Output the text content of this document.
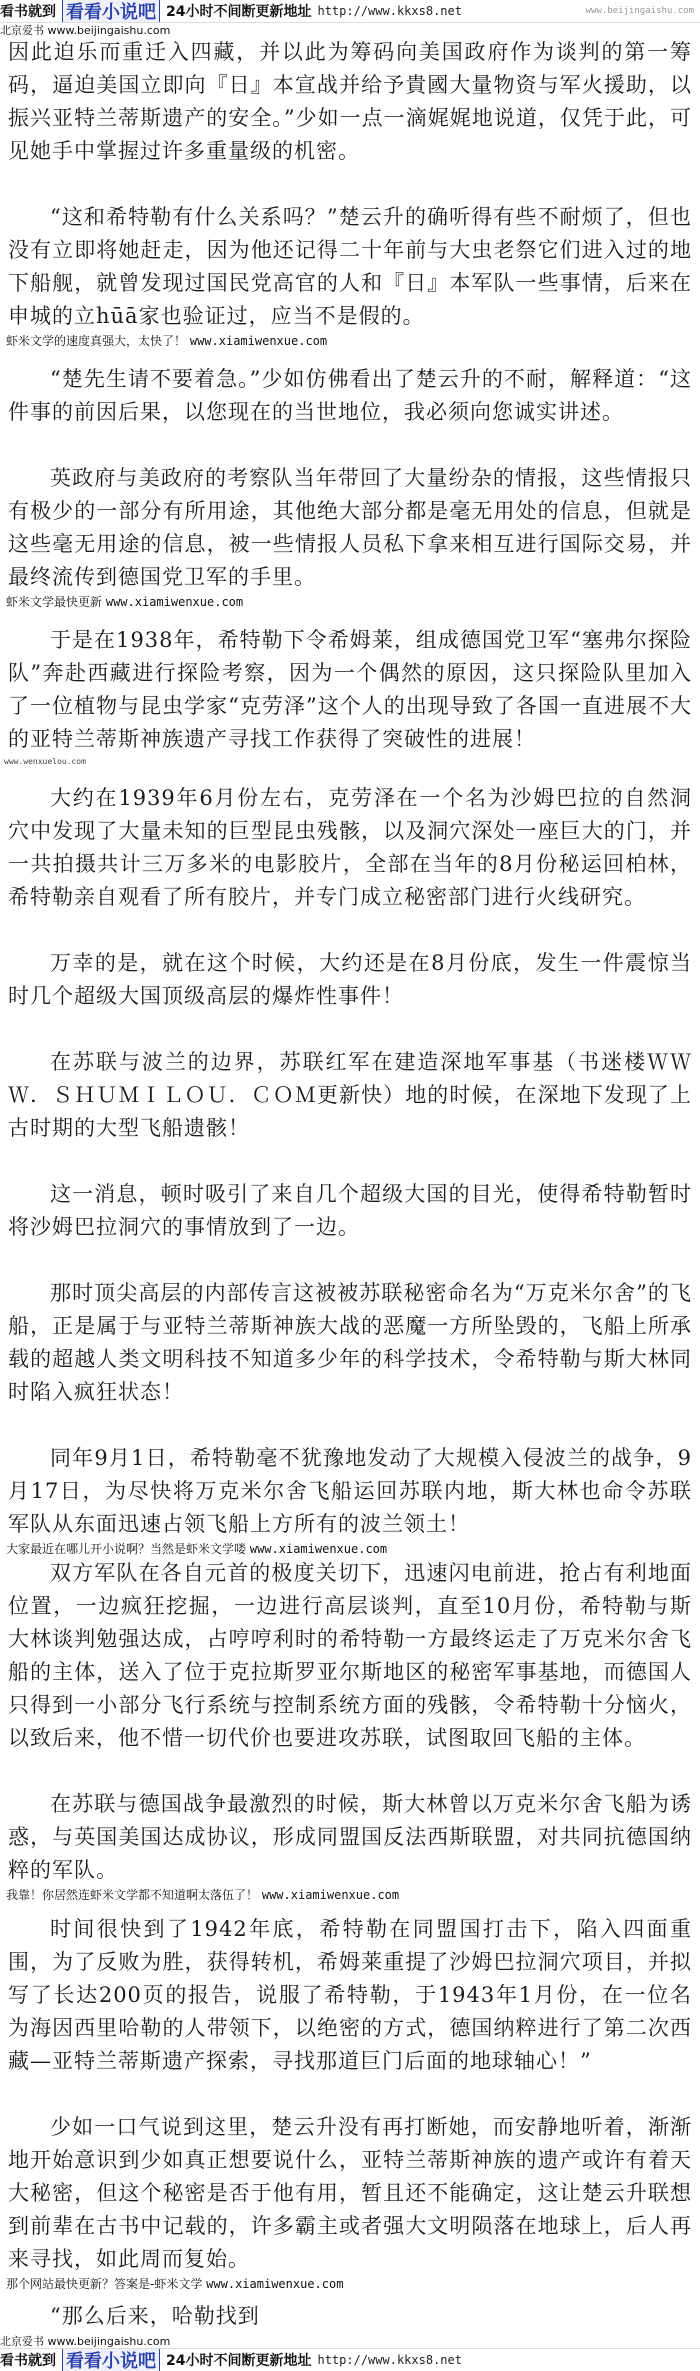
看书就到 看看小说吧 24小时不间断更新地址 http://www.kkxs8.net	www.beijingaishu.com
北京爱书 www.beijingaishu.com

因此迫乐而重迁入四藏，并以此为筹码向美国政府作为谈判的第一筹码，逼迫美国立即向『日』本宣战并给予貴國大量物资与军火援助，以振兴亚特兰蒂斯遗产的安全。”少如一点一滴娓娓地说道，仅凭于此，可见她手中掌握过许多重量级的机密。

“这和希特勒有什么关系吗？”楚云升的确听得有些不耐烦了，但也没有立即将她赶走，因为他还记得二十年前与大虫老祭它们进入过的地下船舰，就曾发现过国民党高官的人和『日』本军队一些事情，后来在申城的立hūā家也验证过，应当不是假的。

虾米文学的速度真强大，太快了！ www.xiamiwenxue.com

“楚先生请不要着急。”少如仿佛看出了楚云升的不耐，解释道：“这件事的前因后果，以您现在的当世地位，我必须向您诚实讲述。

英政府与美政府的考察队当年带回了大量纷杂的情报，这些情报只有极少的一部分有所用途，其他绝大部分都是毫无用处的信息，但就是这些毫无用途的信息，被一些情报人员私下拿来相互进行国际交易，并最终流传到德国党卫军的手里。

虾米文学最快更新 www.xiamiwenxue.com

于是在1938年，希特勒下令希姆莱，组成德国党卫军“塞弗尔探险队”奔赴西藏进行探险考察，因为一个偶然的原因，这只探险队里加入了一位植物与昆虫学家“克劳泽”这个人的出现导致了各国一直进展不大的亚特兰蒂斯神族遗产寻找工作获得了突破性的进展！

www.wenxuelou.com

大约在1939年6月份左右，克劳泽在一个名为沙姆巴拉的自然洞穴中发现了大量未知的巨型昆虫残骸，以及洞穴深处一座巨大的门，并一共拍摄共计三万多米的电影胶片，全部在当年的8月份秘运回柏林，希特勒亲自观看了所有胶片，并专门成立秘密部门进行火线研究。

万幸的是，就在这个时候，大约还是在8月份底，发生一件震惊当时几个超级大国顶级高层的爆炸性事件！

在苏联与波兰的边界，苏联红军在建造深地军事基（书迷楼ＷＷＷ．ＳＨＵＭＩＬＯＵ．ＣＯＭ更新快）地的时候，在深地下发现了上古时期的大型飞船遗骸！

这一消息，顿时吸引了来自几个超级大国的目光，使得希特勒暂时将沙姆巴拉洞穴的事情放到了一边。

那时顶尖高层的内部传言这被被苏联秘密命名为“万克米尔舍”的飞船，正是属于与亚特兰蒂斯神族大战的恶魔一方所坠毁的，飞船上所承载的超越人类文明科技不知道多少年的科学技术，令希特勒与斯大林同时陷入疯狂状态！

同年9月1日，希特勒毫不犹豫地发动了大规模入侵波兰的战争，9月17日，为尽快将万克米尔舍飞船运回苏联内地，斯大林也命令苏联军队从东面迅速占领飞船上方所有的波兰领土！

大家最近在哪儿开小说啊？当然是虾米文学喽 www.xiamiwenxue.com

双方军队在各自元首的极度关切下，迅速闪电前进，抢占有利地面位置，一边疯狂挖掘，一边进行高层谈判，直至10月份，希特勒与斯大林谈判勉强达成，占哼哼利时的希特勒一方最终运走了万克米尔舍飞船的主体，送入了位于克拉斯罗亚尔斯地区的秘密军事基地，而德国人只得到一小部分飞行系统与控制系统方面的残骸，令希特勒十分恼火，以致后来，他不惜一切代价也要进攻苏联，试图取回飞船的主体。

在苏联与德国战争最激烈的时候，斯大林曾以万克米尔舍飞船为诱惑，与英国美国达成协议，形成同盟国反法西斯联盟，对共同抗德国纳粹的军队。

我靠！你居然连虾米文学都不知道啊太落伍了！ www.xiamiwenxue.com

时间很快到了1942年底，希特勒在同盟国打击下，陷入四面重围，为了反败为胜，获得转机，希姆莱重提了沙姆巴拉洞穴项目，并拟写了长达200页的报告，说服了希特勒，于1943年1月份，在一位名为海因西里哈勒的人带领下，以绝密的方式，德国纳粹进行了第二次西藏—亚特兰蒂斯遗产探索，寻找那道巨门后面的地球轴心！”

少如一口气说到这里，楚云升没有再打断她，而安静地听着，渐渐地开始意识到少如真正想要说什么，亚特兰蒂斯神族的遗产或许有着天大秘密，但这个秘密是否于他有用，暂且还不能确定，这让楚云升联想到前辈在古书中记载的，许多霸主或者强大文明陨落在地球上，后人再来寻找，如此周而复始。

那个网站最快更新？答案是-虾米文学 www.xiamiwenxue.com

“那么后来，哈勒找到

北京爱书 www.beijingaishu.com
看书就到 看看小说吧 24小时不间断更新地址 http://www.kkxs8.net
